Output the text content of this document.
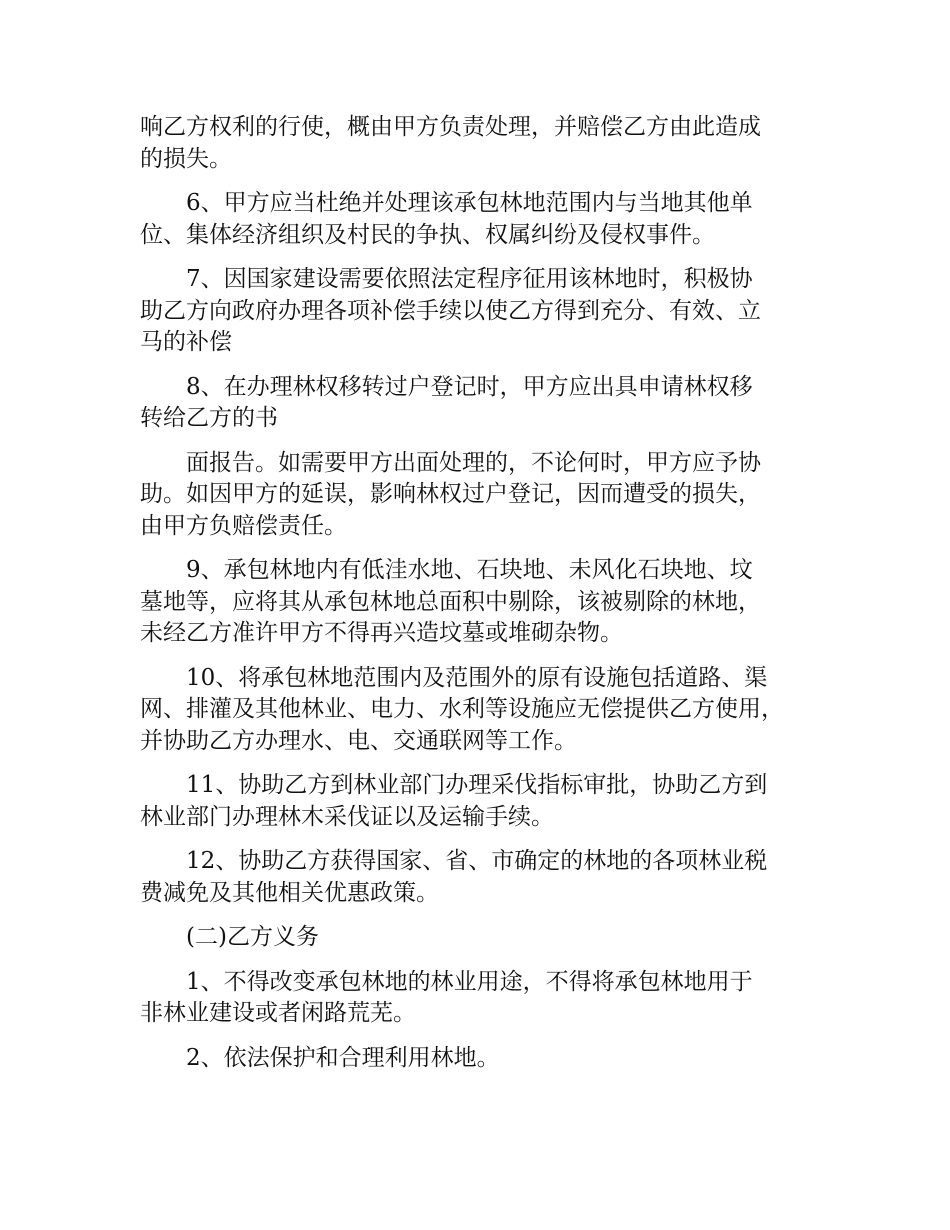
响乙方权利的行使，概由甲方负责处理，并赔偿乙方由此造成
的损失。
6、甲方应当杜绝并处理该承包林地范围内与当地其他单
位、集体经济组织及村民的争执、权属纠纷及侵权事件。
7、因国家建设需要依照法定程序征用该林地时，积极协
助乙方向政府办理各项补偿手续以使乙方得到充分、有效、立
马的补偿
8、在办理林权移转过户登记时，甲方应出具申请林权移
转给乙方的书
面报告。如需要甲方出面处理的，不论何时，甲方应予协
助。如因甲方的延误，影响林权过户登记，因而遭受的损失，
由甲方负赔偿责任。
9、承包林地内有低洼水地、石块地、未风化石块地、坟
墓地等，应将其从承包林地总面积中剔除，该被剔除的林地，
未经乙方准许甲方不得再兴造坟墓或堆砌杂物。
10、将承包林地范围内及范围外的原有设施包括道路、渠
网、排灌及其他林业、电力、水利等设施应无偿提供乙方使用，
并协助乙方办理水、电、交通联网等工作。
11、协助乙方到林业部门办理采伐指标审批，协助乙方到
林业部门办理林木采伐证以及运输手续。
12、协助乙方获得国家、省、市确定的林地的各项林业税
费减免及其他相关优惠政策。
(二)乙方义务
1、不得改变承包林地的林业用途，不得将承包林地用于
非林业建设或者闲路荒芜。
2、依法保护和合理利用林地。
